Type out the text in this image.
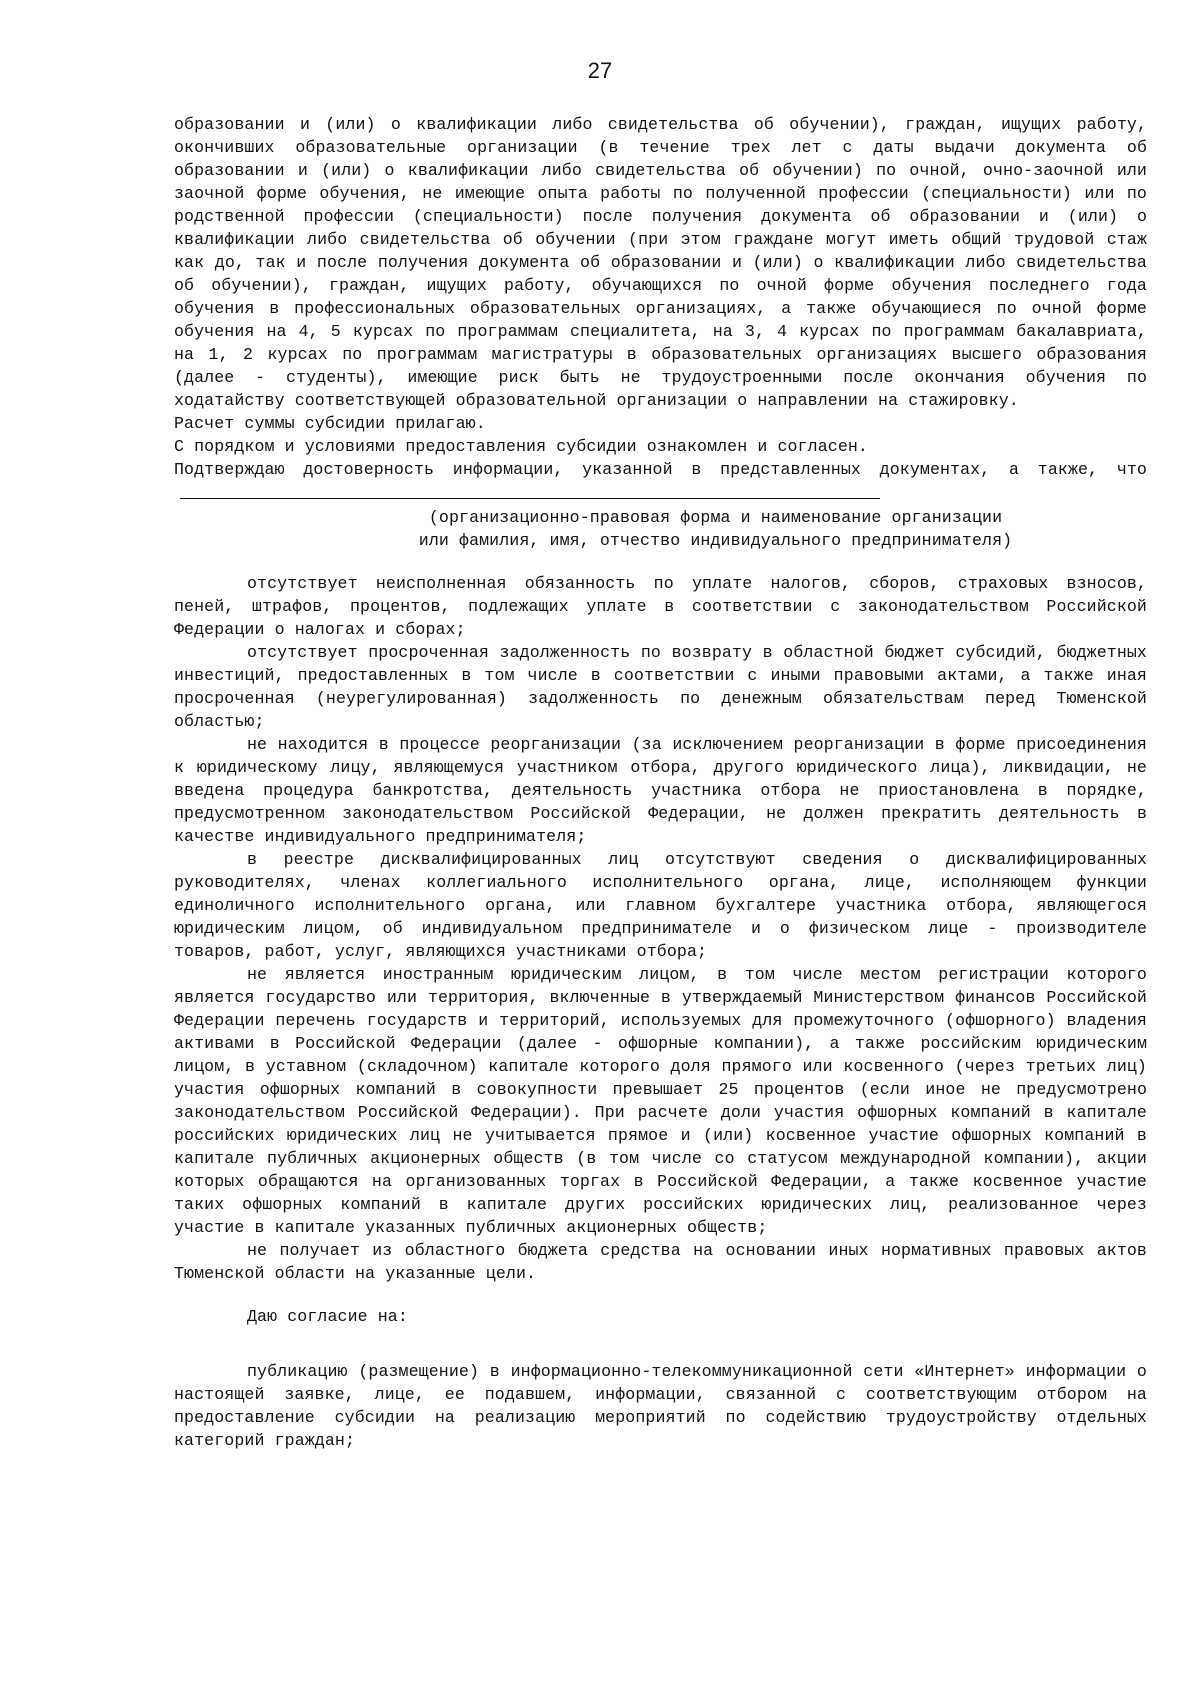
27

образовании и (или) о квалификации либо свидетельства об обучении), граждан, ищущих работу, окончивших образовательные организации (в течение трех лет с даты выдачи документа об образовании и (или) о квалификации либо свидетельства об обучении) по очной, очно-заочной или заочной форме обучения, не имеющие опыта работы по полученной профессии (специальности) или по родственной профессии (специальности) после получения документа об образовании и (или) о квалификации либо свидетельства об обучении (при этом граждане могут иметь общий трудовой стаж как до, так и после получения документа об образовании и (или) о квалификации либо свидетельства об обучении), граждан, ищущих работу, обучающихся по очной форме обучения последнего года обучения в профессиональных образовательных организациях, а также обучающиеся по очной форме обучения на 4, 5 курсах по программам специалитета, на 3, 4 курсах по программам бакалавриата, на 1, 2 курсах по программам магистратуры в образовательных организациях высшего образования (далее - студенты), имеющие риск быть не трудоустроенными после окончания обучения по ходатайству соответствующей образовательной организации о направлении на стажировку.

Расчет суммы субсидии прилагаю.

С порядком и условиями предоставления субсидии ознакомлен и согласен.

Подтверждаю достоверность информации, указанной в представленных документах, а также, что

(организационно-правовая форма и наименование организации

или фамилия, имя, отчество индивидуального предпринимателя)

отсутствует неисполненная обязанность по уплате налогов, сборов, страховых взносов, пеней, штрафов, процентов, подлежащих уплате в соответствии с законодательством Российской Федерации о налогах и сборах;

отсутствует просроченная задолженность по возврату в областной бюджет субсидий, бюджетных инвестиций, предоставленных в том числе в соответствии с иными правовыми актами, а также иная просроченная (неурегулированная) задолженность по денежным обязательствам перед Тюменской областью;

не находится в процессе реорганизации (за исключением реорганизации в форме присоединения к юридическому лицу, являющемуся участником отбора, другого юридического лица), ликвидации, не введена процедура банкротства, деятельность участника отбора не приостановлена в порядке, предусмотренном законодательством Российской Федерации, не должен прекратить деятельность в качестве индивидуального предпринимателя;

в реестре дисквалифицированных лиц отсутствуют сведения о дисквалифицированных руководителях, членах коллегиального исполнительного органа, лице, исполняющем функции единоличного исполнительного органа, или главном бухгалтере участника отбора, являющегося юридическим лицом, об индивидуальном предпринимателе и о физическом лице - производителе товаров, работ, услуг, являющихся участниками отбора;

не является иностранным юридическим лицом, в том числе местом регистрации которого является государство или территория, включенные в утверждаемый Министерством финансов Российской Федерации перечень государств и территорий, используемых для промежуточного (офшорного) владения активами в Российской Федерации (далее - офшорные компании), а также российским юридическим лицом, в уставном (складочном) капитале которого доля прямого или косвенного (через третьих лиц) участия офшорных компаний в совокупности превышает 25 процентов (если иное не предусмотрено законодательством Российской Федерации). При расчете доли участия офшорных компаний в капитале российских юридических лиц не учитывается прямое и (или) косвенное участие офшорных компаний в капитале публичных акционерных обществ (в том числе со статусом международной компании), акции которых обращаются на организованных торгах в Российской Федерации, а также косвенное участие таких офшорных компаний в капитале других российских юридических лиц, реализованное через участие в капитале указанных публичных акционерных обществ;

не получает из областного бюджета средства на основании иных нормативных правовых актов Тюменской области на указанные цели.

Даю согласие на:

публикацию (размещение) в информационно-телекоммуникационной сети «Интернет» информации о настоящей заявке, лице, ее подавшем, информации, связанной с соответствующим отбором на предоставление субсидии на реализацию мероприятий по содействию трудоустройству отдельных категорий граждан;
